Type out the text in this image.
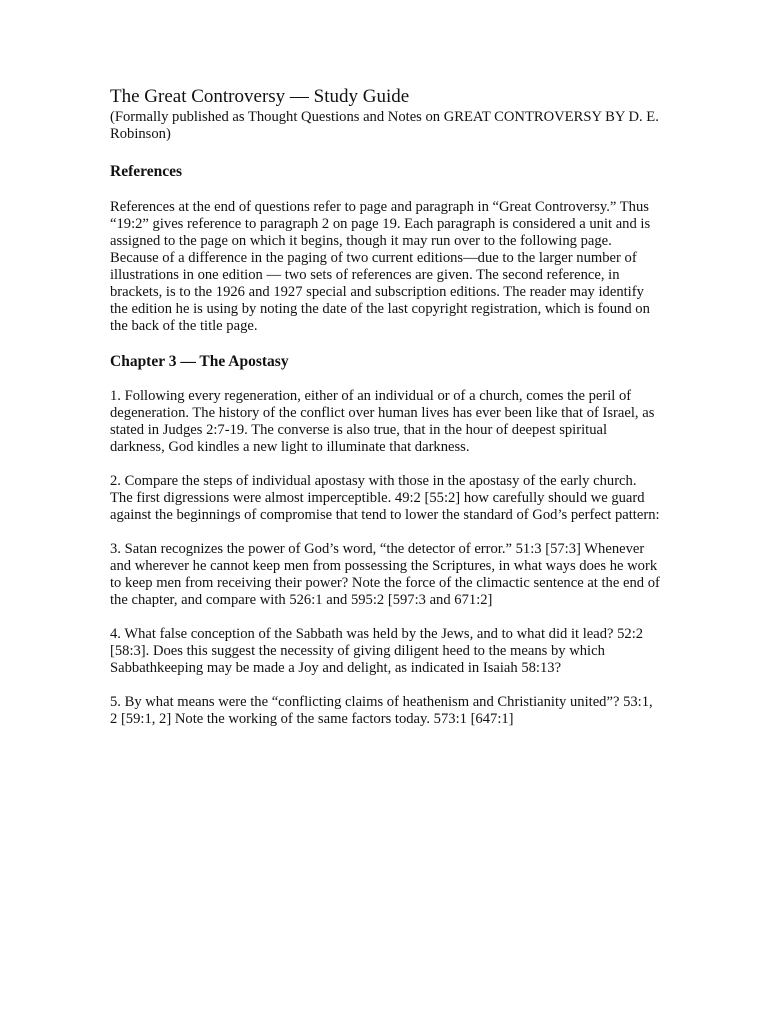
The Great Controversy — Study Guide

(Formally published as Thought Questions and Notes on GREAT CONTROVERSY BY D. E. Robinson)

References

References at the end of questions refer to page and paragraph in “Great Controversy.” Thus “19:2” gives reference to paragraph 2 on page 19. Each paragraph is considered a unit and is assigned to the page on which it begins, though it may run over to the following page. Because of a difference in the paging of two current editions—due to the larger number of illustrations in one edition — two sets of references are given. The second reference, in brackets, is to the 1926 and 1927 special and subscription editions. The reader may identify the edition he is using by noting the date of the last copyright registration, which is found on the back of the title page.

Chapter 3 — The Apostasy

1. Following every regeneration, either of an individual or of a church, comes the peril of degeneration. The history of the conflict over human lives has ever been like that of Israel, as stated in Judges 2:7-19. The converse is also true, that in the hour of deepest spiritual darkness, God kindles a new light to illuminate that darkness.

2. Compare the steps of individual apostasy with those in the apostasy of the early church. The first digressions were almost imperceptible. 49:2 [55:2] how carefully should we guard against the beginnings of compromise that tend to lower the standard of God’s perfect pattern:

3. Satan recognizes the power of God’s word, “the detector of error.” 51:3 [57:3] Whenever and wherever he cannot keep men from possessing the Scriptures, in what ways does he work to keep men from receiving their power? Note the force of the climactic sentence at the end of the chapter, and compare with 526:1 and 595:2 [597:3 and 671:2]

4. What false conception of the Sabbath was held by the Jews, and to what did it lead? 52:2 [58:3]. Does this suggest the necessity of giving diligent heed to the means by which Sabbathkeeping may be made a Joy and delight, as indicated in Isaiah 58:13?

5. By what means were the “conflicting claims of heathenism and Christianity united”? 53:1, 2 [59:1, 2] Note the working of the same factors today. 573:1 [647:1]
